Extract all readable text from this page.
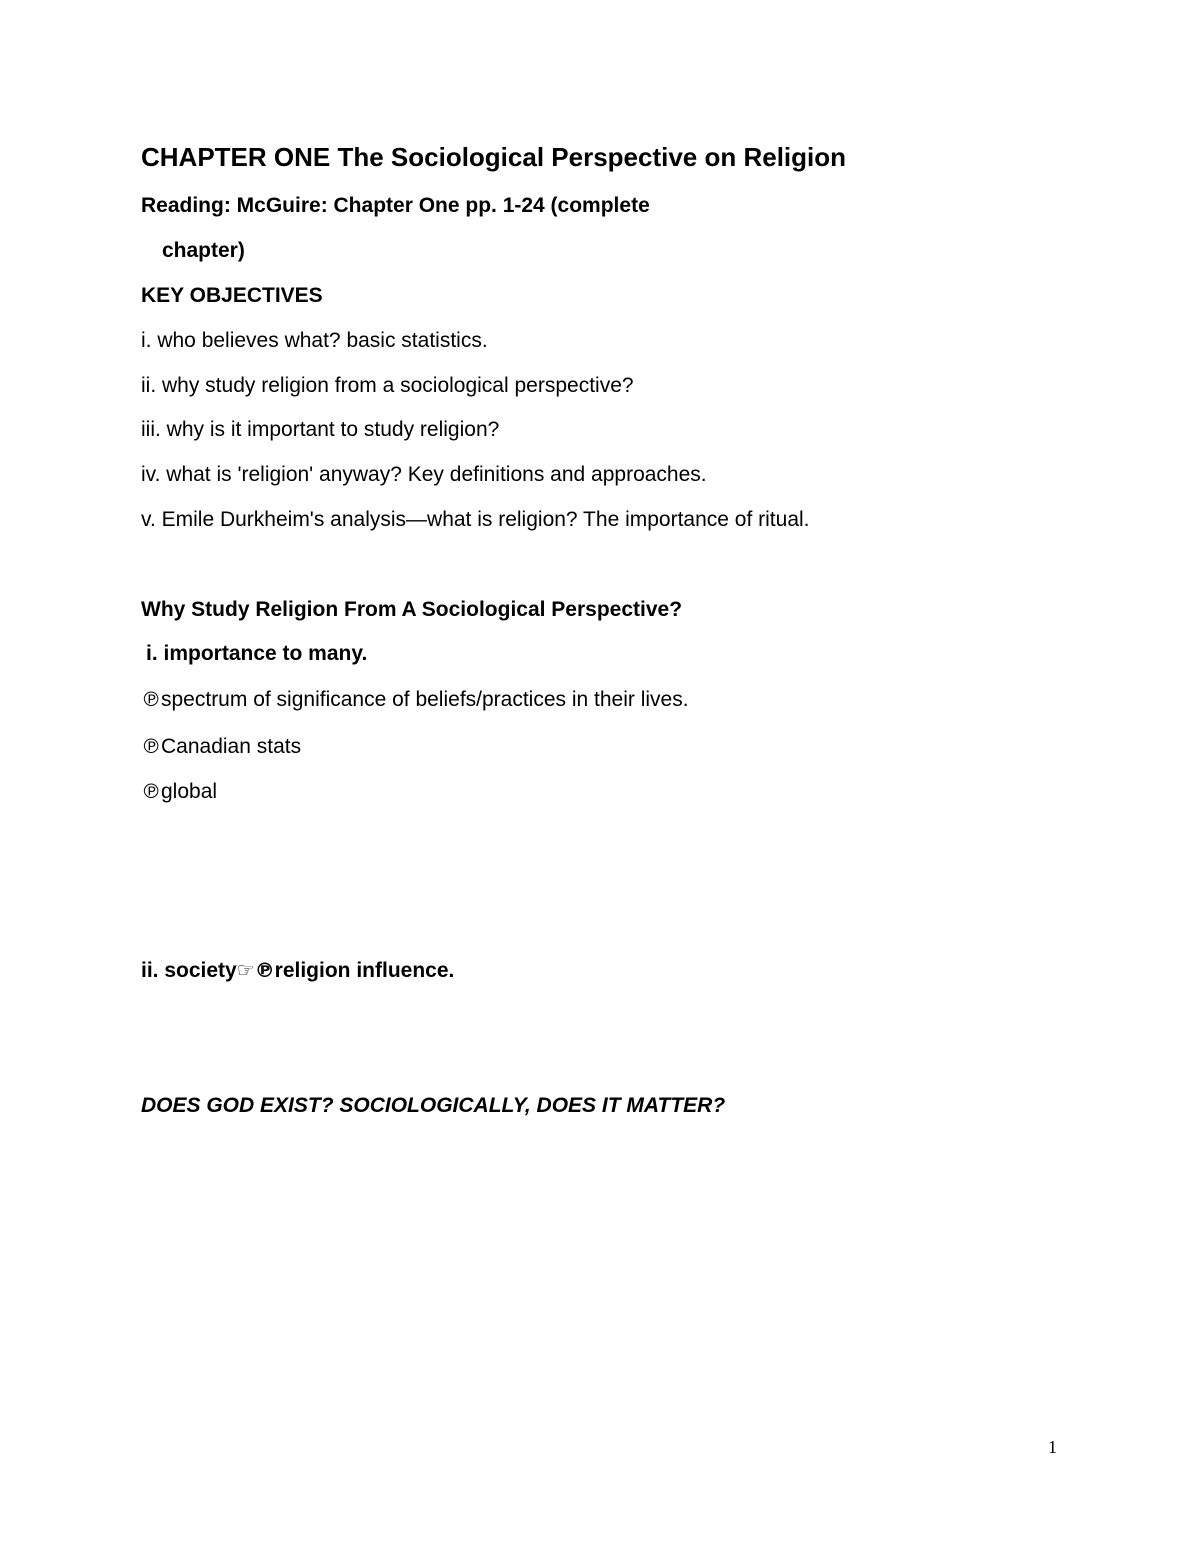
CHAPTER ONE The Sociological Perspective on Religion
Reading: McGuire: Chapter One pp. 1-24 (complete
chapter)
KEY OBJECTIVES
i. who believes what? basic statistics.
ii. why study religion from a sociological perspective?
iii. why is it important to study religion?
iv. what is 'religion' anyway? Key definitions and approaches.
v. Emile Durkheim's analysis—what is religion? The importance of ritual.
Why Study Religion From A Sociological Perspective?
i. importance to many.
℗spectrum of significance of beliefs/practices in their lives.
℗Canadian stats
℗global
ii. society☞℗religion influence.
DOES GOD EXIST? SOCIOLOGICALLY, DOES IT MATTER?
1
